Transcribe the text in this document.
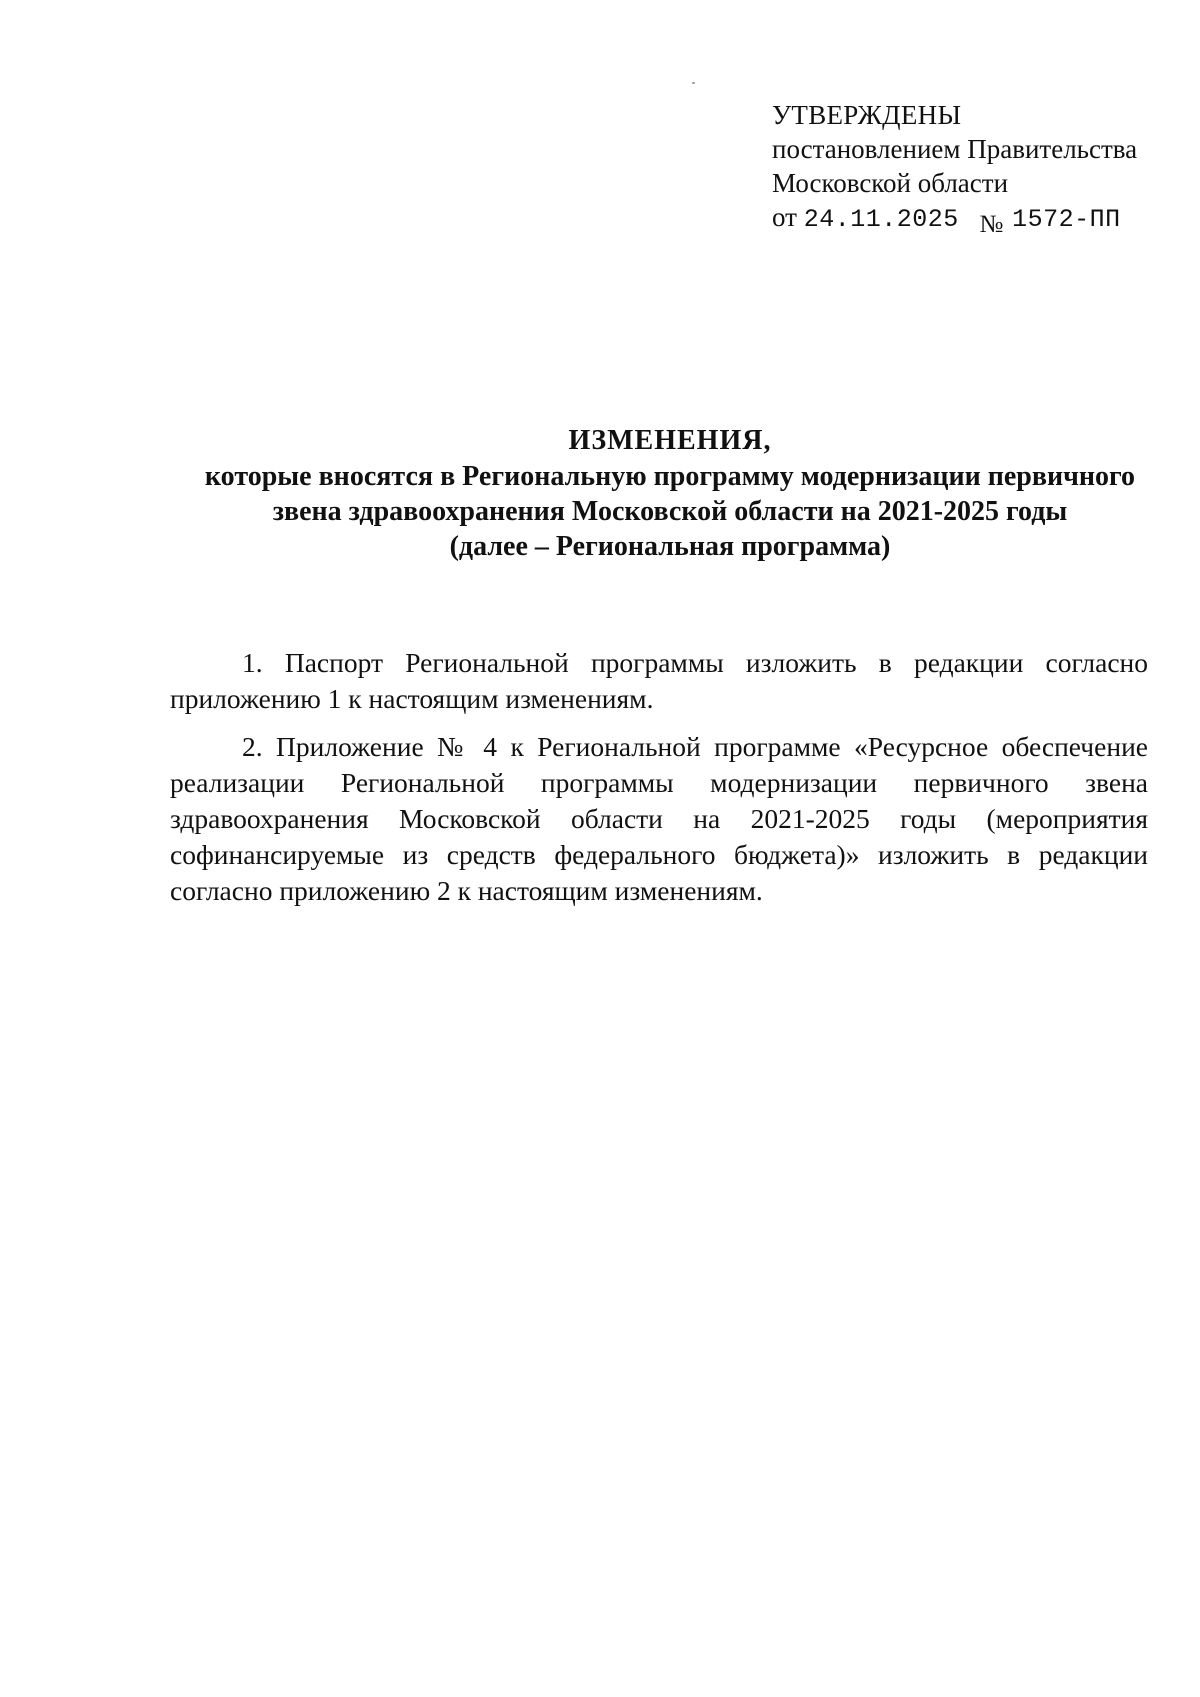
УТВЕРЖДЕНЫ
постановлением Правительства
Московской области
от 24.11.2025 № 1572-ПП
ИЗМЕНЕНИЯ,
которые вносятся в Региональную программу модернизации первичного
звена здравоохранения Московской области на 2021-2025 годы
(далее – Региональная программа)

1. Паспорт Региональной программы изложить в редакции согласно приложению 1 к настоящим изменениям.

2. Приложение № 4 к Региональной программе «Ресурсное обеспечение реализации Региональной программы модернизации первичного звена здравоохранения Московской области на 2021-2025 годы (мероприятия софинансируемые из средств федерального бюджета)» изложить в редакции согласно приложению 2 к настоящим изменениям.
